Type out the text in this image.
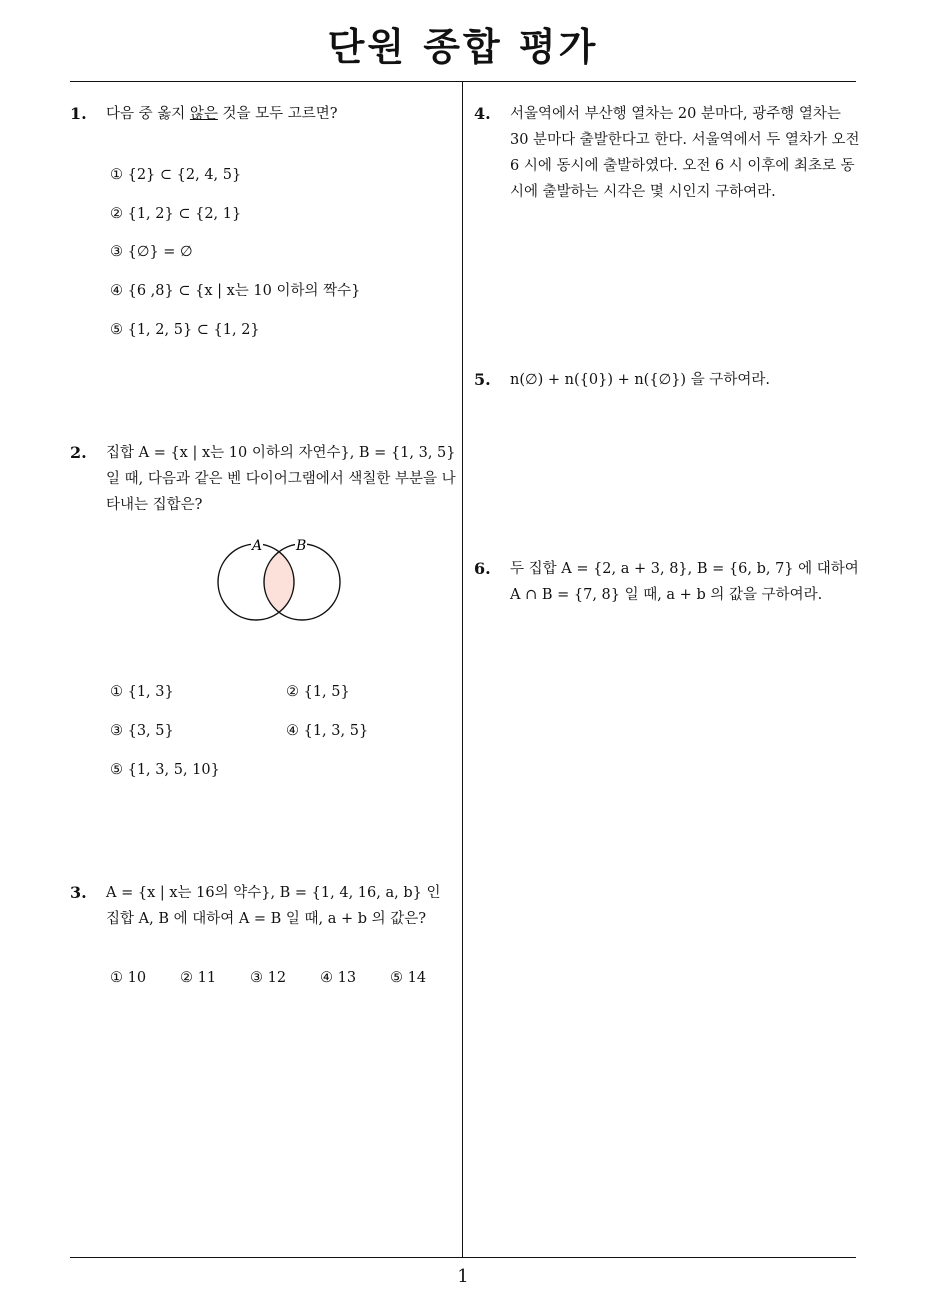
단원 종합 평가
1
1. 다음 중 옳지 않은 것을 모두 고르면?
① {2} ⊂ {2, 4, 5}
② {1, 2} ⊂ {2, 1}
③ {∅} = ∅
④ {6 ,8} ⊂ {x | x는 10 이하의 짝수}
⑤ {1, 2, 5} ⊂ {1, 2}
2. 집합 A = {x | x는 10 이하의 자연수}, B = {1, 3, 5} 일 때, 다음과 같은 벤 다이어그램에서 색칠한 부분을 나타내는 집합은?
A B
① {1, 3}	② {1, 5}
③ {3, 5}	④ {1, 3, 5}
⑤ {1, 3, 5, 10}
3. A = {x | x는 16의 약수}, B = {1, 4, 16, a, b} 인 집합 A, B 에 대하여 A = B 일 때, a + b 의 값은?
① 10 ② 11 ③ 12 ④ 13 ⑤ 14
4. 서울역에서 부산행 열차는 20 분마다, 광주행 열차는 30 분마다 출발한다고 한다. 서울역에서 두 열차가 오전 6 시에 동시에 출발하였다. 오전 6 시 이후에 최초로 동시에 출발하는 시각은 몇 시인지 구하여라.
5. n(∅) + n({0}) + n({∅}) 을 구하여라.
6. 두 집합 A = {2, a + 3, 8}, B = {6, b, 7} 에 대하여 A ∩ B = {7, 8} 일 때, a + b 의 값을 구하여라.
